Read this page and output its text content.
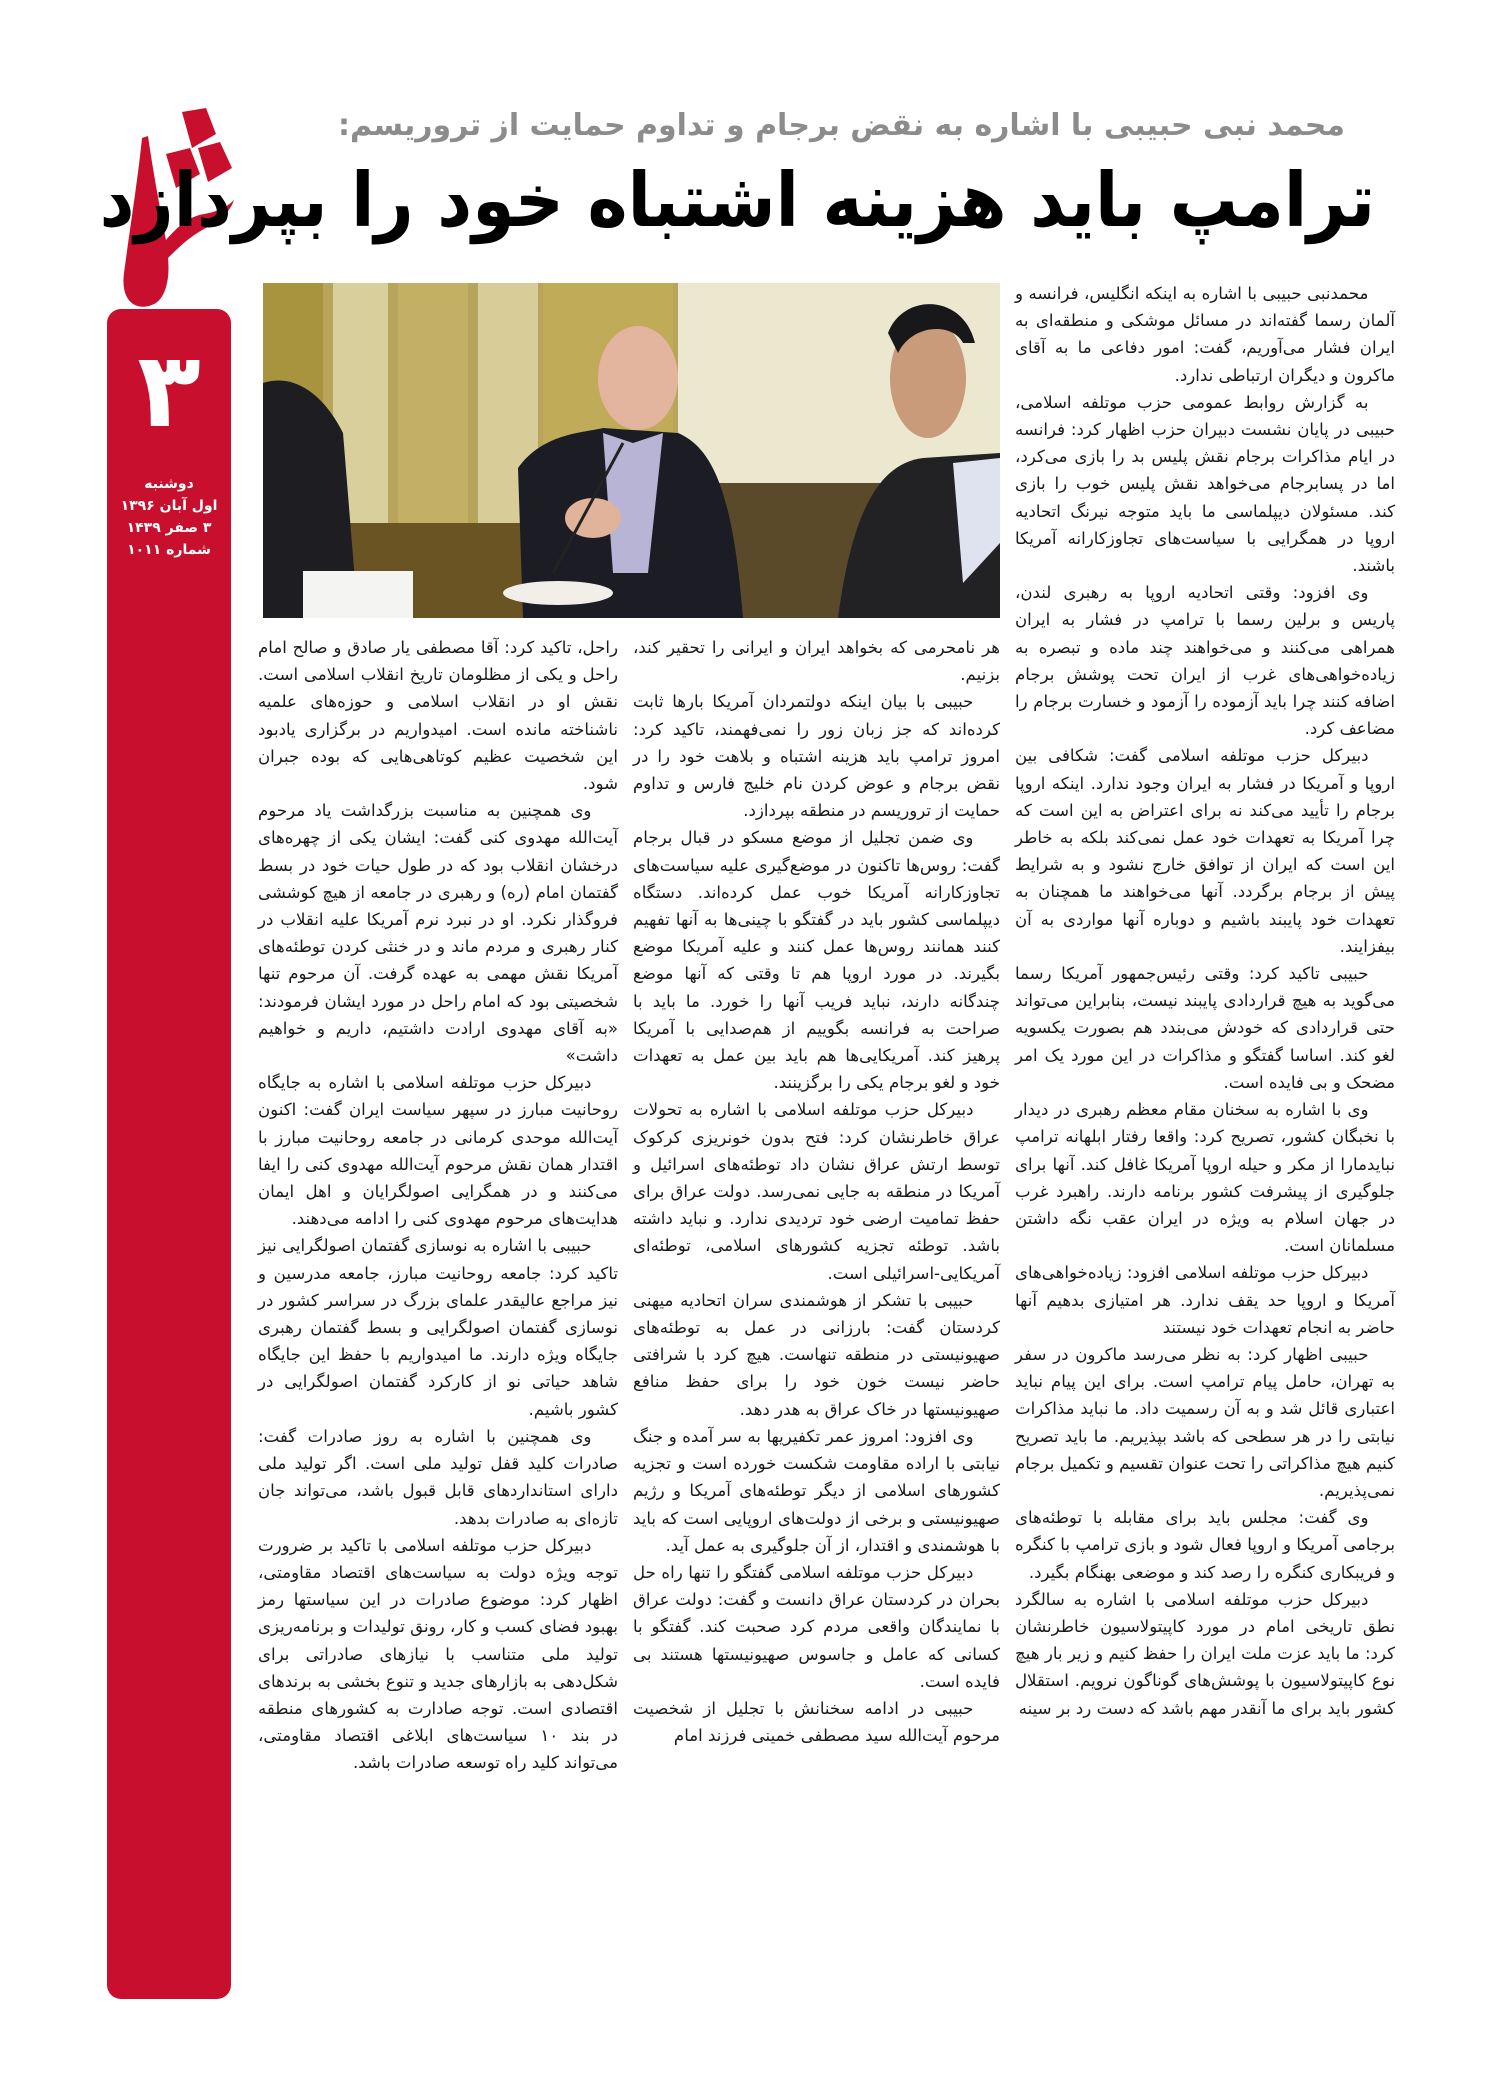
۳
دوشنبه
اول آبان ۱۳۹۶
۳ صفر ۱۴۳۹
شماره ۱۰۱۱
محمد نبی حبیبی با اشاره به نقض برجام و تداوم حمایت از تروریسم:
ترامپ باید هزینه اشتباه خود را بپردازد

محمدنبی حبیبی با اشاره به اینکه انگلیس، فرانسه و آلمان رسما گفته‌اند در مسائل موشکی و منطقه‌ای به ایران فشار می‌آوریم، گفت: امور دفاعی ما به آقای ماکرون و دیگران ارتباطی ندارد.

به گزارش روابط عمومی حزب موتلفه اسلامی، حبیبی در پایان نشست دبیران حزب اظهار کرد: فرانسه در ایام مذاکرات برجام نقش پلیس بد را بازی می‌کرد، اما در پسابرجام می‌خواهد نقش پلیس خوب را بازی کند. مسئولان دیپلماسی ما باید متوجه نیرنگ اتحادیه اروپا در همگرایی با سیاست‌های تجاوزکارانه آمریکا باشند.

وی افزود: وقتی اتحادیه اروپا به رهبری لندن، پاریس و برلین رسما با ترامپ در فشار به ایران همراهی می‌کنند و می‌خواهند چند ماده و تبصره به زیاده‌خواهی‌های غرب از ایران تحت پوشش برجام اضافه کنند چرا باید آزموده را آزمود و خسارت برجام را مضاعف کرد.

دبیرکل حزب موتلفه اسلامی گفت: شکافی بین اروپا و آمریکا در فشار به ایران وجود ندارد. اینکه اروپا برجام را تأیید می‌کند نه برای اعتراض به این است که چرا آمریکا به تعهدات خود عمل نمی‌کند بلکه به خاطر این است که ایران از توافق خارج نشود و به شرایط پیش از برجام برگردد. آنها می‌خواهند ما همچنان به تعهدات خود پایبند باشیم و دوباره آنها مواردی به آن بیفزایند.

حبیبی تاکید کرد: وقتی رئیس‌جمهور آمریکا رسما می‌گوید به هیچ قراردادی پایبند نیست، بنابراین می‌تواند حتی قراردادی که خودش می‌بندد هم بصورت یکسویه لغو کند. اساسا گفتگو و مذاکرات در این مورد یک امر مضحک و بی فایده است.

وی با اشاره به سخنان مقام معظم رهبری در دیدار با نخبگان کشور، تصریح کرد: واقعا رفتار ابلهانه ترامپ نبایدمارا از مکر و حیله اروپا آمریکا غافل کند. آنها برای جلوگیری از پیشرفت کشور برنامه دارند. راهبرد غرب در جهان اسلام به ویژه در ایران عقب نگه داشتن مسلمانان است.

دبیرکل حزب موتلفه اسلامی افزود: زیاده‌خواهی‌های آمریکا و اروپا حد یقف ندارد. هر امتیازی بدهیم آنها حاضر به انجام تعهدات خود نیستند

حبیبی اظهار کرد: به نظر می‌رسد ماکرون در سفر به تهران، حامل پیام ترامپ است. برای این پیام نباید اعتباری قائل شد و به آن رسمیت داد. ما نباید مذاکرات نیابتی را در هر سطحی که باشد بپذیریم. ما باید تصریح کنیم هیچ مذاکراتی را تحت عنوان تقسیم و تکمیل برجام نمی‌پذیریم.

وی گفت: مجلس باید برای مقابله با توطئه‌های برجامی آمریکا و اروپا فعال شود و بازی ترامپ با کنگره و فریبکاری کنگره را رصد کند و موضعی بهنگام بگیرد.

دبیرکل حزب موتلفه اسلامی با اشاره به سالگرد نطق تاریخی امام در مورد کاپیتولاسیون خاطرنشان کرد: ما باید عزت ملت ایران را حفظ کنیم و زیر بار هیچ نوع کاپیتولاسیون با پوشش‌های گوناگون نرویم. استقلال کشور باید برای ما آنقدر مهم باشد که دست رد بر سینه

هر نامحرمی که بخواهد ایران و ایرانی را تحقیر کند، بزنیم.

حبیبی با بیان اینکه دولتمردان آمریکا بارها ثابت کرده‌اند که جز زبان زور را نمی‌فهمند، تاکید کرد: امروز ترامپ باید هزینه اشتباه و بلاهت خود را در نقض برجام و عوض کردن نام خلیج فارس و تداوم حمایت از تروریسم در منطقه بپردازد.

وی ضمن تجلیل از موضع مسکو در قبال برجام گفت: روس‌ها تاکنون در موضع‌گیری علیه سیاست‌های تجاوزکارانه آمریکا خوب عمل کرده‌اند. دستگاه دیپلماسی کشور باید در گفتگو با چینی‌ها به آنها تفهیم کنند همانند روس‌ها عمل کنند و علیه آمریکا موضع بگیرند. در مورد اروپا هم تا وقتی که آنها موضع چندگانه دارند، نباید فریب آنها را خورد. ما باید با صراحت به فرانسه بگوییم از هم‌صدایی با آمریکا پرهیز کند. آمریکایی‌ها هم باید بین عمل به تعهدات خود و لغو برجام یکی را برگزینند.

دبیرکل حزب موتلفه اسلامی با اشاره به تحولات عراق خاطرنشان کرد: فتح بدون خونریزی کرکوک توسط ارتش عراق نشان داد توطئه‌های اسرائیل و آمریکا در منطقه به جایی نمی‌رسد. دولت عراق برای حفظ تمامیت ارضی خود تردیدی ندارد. و نباید داشته باشد. توطئه تجزیه کشورهای اسلامی، توطئه‌ای آمریکایی-اسرائیلی است.

حبیبی با تشکر از هوشمندی سران اتحادیه میهنی کردستان گفت: بارزانی در عمل به توطئه‌های صهیونیستی در منطقه تنهاست. هیچ کرد با شرافتی حاضر نیست خون خود را برای حفظ منافع صهیونیستها در خاک عراق به هدر دهد.

وی افزود: امروز عمر تکفیریها به سر آمده و جنگ نیابتی با اراده مقاومت شکست خورده است و تجزیه کشورهای اسلامی از دیگر توطئه‌های آمریکا و رژیم صهیونیستی و برخی از دولت‌های اروپایی است که باید با هوشمندی و اقتدار، از آن جلوگیری به عمل آید.

دبیرکل حزب موتلفه اسلامی گفتگو را تنها راه حل بحران در کردستان عراق دانست و گفت: دولت عراق با نمایندگان واقعی مردم کرد صحبت کند. گفتگو با کسانی که عامل و جاسوس صهیونیستها هستند بی فایده است.

حبیبی در ادامه سخنانش با تجلیل از شخصیت مرحوم آیت‌الله سید مصطفی خمینی فرزند امام

راحل، تاکید کرد: آقا مصطفی یار صادق و صالح امام راحل و یکی از مظلومان تاریخ انقلاب اسلامی است. نقش او در انقلاب اسلامی و حوزه‌های علمیه ناشناخته مانده است. امیدواریم در برگزاری یادبود این شخصیت عظیم کوتاهی‌هایی که بوده جبران شود.

وی همچنین به مناسبت بزرگداشت یاد مرحوم آیت‌الله مهدوی کنی گفت: ایشان یکی از چهره‌های درخشان انقلاب بود که در طول حیات خود در بسط گفتمان امام (ره) و رهبری در جامعه از هیچ کوششی فروگذار نکرد. او در نبرد نرم آمریکا علیه انقلاب در کنار رهبری و مردم ماند و در خنثی کردن توطئه‌های آمریکا نقش مهمی به عهده گرفت. آن مرحوم تنها شخصیتی بود که امام راحل در مورد ایشان فرمودند: «به آقای مهدوی ارادت داشتیم، داریم و خواهیم داشت»

دبیرکل حزب موتلفه اسلامی با اشاره به جایگاه روحانیت مبارز در سپهر سیاست ایران گفت: اکنون آیت‌الله موحدی کرمانی در جامعه روحانیت مبارز با اقتدار همان نقش مرحوم آیت‌الله مهدوی کنی را ایفا می‌کنند و در همگرایی اصولگرایان و اهل ایمان هدایت‌های مرحوم مهدوی کنی را ادامه می‌دهند.

حبیبی با اشاره به نوسازی گفتمان اصولگرایی نیز تاکید کرد: جامعه روحانیت مبارز، جامعه مدرسین و نیز مراجع عالیقدر علمای بزرگ در سراسر کشور در نوسازی گفتمان اصولگرایی و بسط گفتمان رهبری جایگاه ویژه دارند. ما امیدواریم با حفظ این جایگاه شاهد حیاتی نو از کارکرد گفتمان اصولگرایی در کشور باشیم.

وی همچنین با اشاره به روز صادرات گفت: صادرات کلید قفل تولید ملی است. اگر تولید ملی دارای استانداردهای قابل قبول باشد، می‌تواند جان تازه‌ای به صادرات بدهد.

دبیرکل حزب موتلفه اسلامی با تاکید بر ضرورت توجه ویژه دولت به سیاست‌های اقتصاد مقاومتی، اظهار کرد: موضوع صادرات در این سیاستها رمز بهبود فضای کسب و کار، رونق تولیدات و برنامه‌ریزی تولید ملی متناسب با نیازهای صادراتی برای شکل‌دهی به بازارهای جدید و تنوع بخشی به برندهای اقتصادی است. توجه صادارت به کشورهای منطقه در بند ۱۰ سیاست‌های ابلاغی اقتصاد مقاومتی، می‌تواند کلید راه توسعه صادرات باشد.
